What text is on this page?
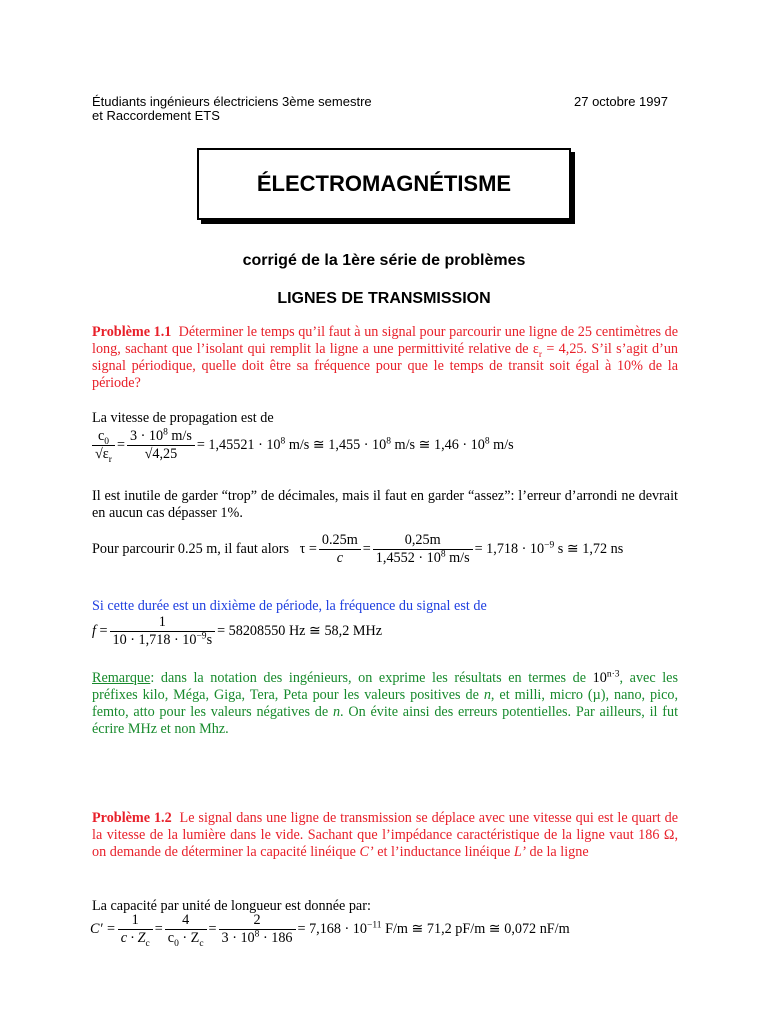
Étudiants ingénieurs électriciens 3ème semestre
et Raccordement ETS
27 octobre 1997
ÉLECTROMAGNÉTISME
corrigé de la 1ère série de problèmes
LIGNES DE TRANSMISSION
Problème 1.1 Déterminer le temps qu’il faut à un signal pour parcourir une ligne de 25 centimètres de long, sachant que l’isolant qui remplit la ligne a une permittivité relative de $\varepsilon_r = 4,25$. S’il s’agit d’un signal périodique, quelle doit être sa fréquence pour que le temps de transit soit égal à 10% de la période?
La vitesse de propagation est de
$\frac{c_0}{√\varepsilon_r} = \frac{3 \cdot 10^8 m/s}{√4,25} = 1,45521 \cdot 10^8$ m/s ≅ $1,455 \cdot 10^8$ m/s ≅ $1,46 \cdot 10^8$ m/s
Il est inutile de garder “trop” de décimales, mais il faut en garder “assez”: l’erreur d’arrondi ne devrait en aucun cas dépasser 1%.
Pour parcourir 0.25 m, il faut alors $\tau = \frac{0.25m}{c} = \frac{0,25m}{1,4552 \cdot 10^8 m/s} = 1,718 \cdot 10^{-9}$ s ≅ 1,72 ns
Si cette durée est un dixième de période, la fréquence du signal est de
$f = \frac{1}{10 \cdot 1,718 \cdot 10^{-9}s} = 58208550$ Hz ≅ 58,2 MHz
Remarque: dans la notation des ingénieurs, on exprime les résultats en termes de $10^{n\cdot 3}$, avec les préfixes kilo, Méga, Giga, Tera, Peta pour les valeurs positives de n, et milli, micro (µ), nano, pico, femto, atto pour les valeurs négatives de n. On évite ainsi des erreurs potentielles. Par ailleurs, il fut écrire MHz et non Mhz.
Problème 1.2 Le signal dans une ligne de transmission se déplace avec une vitesse qui est le quart de la vitesse de la lumière dans le vide. Sachant que l’impédance caractéristique de la ligne vaut 186 Ω, on demande de déterminer la capacité linéique C’ et l’inductance linéique L’ de la ligne
La capacité par unité de longueur est donnée par:
$C' = \frac{1}{c \cdot Z_c} = \frac{4}{c_0 \cdot Z_c} = \frac{2}{3 \cdot 10^8 \cdot 186} = 7,168 \cdot 10^{-11}$ F/m ≅ 71,2 pF/m ≅ 0,072 nF/m
